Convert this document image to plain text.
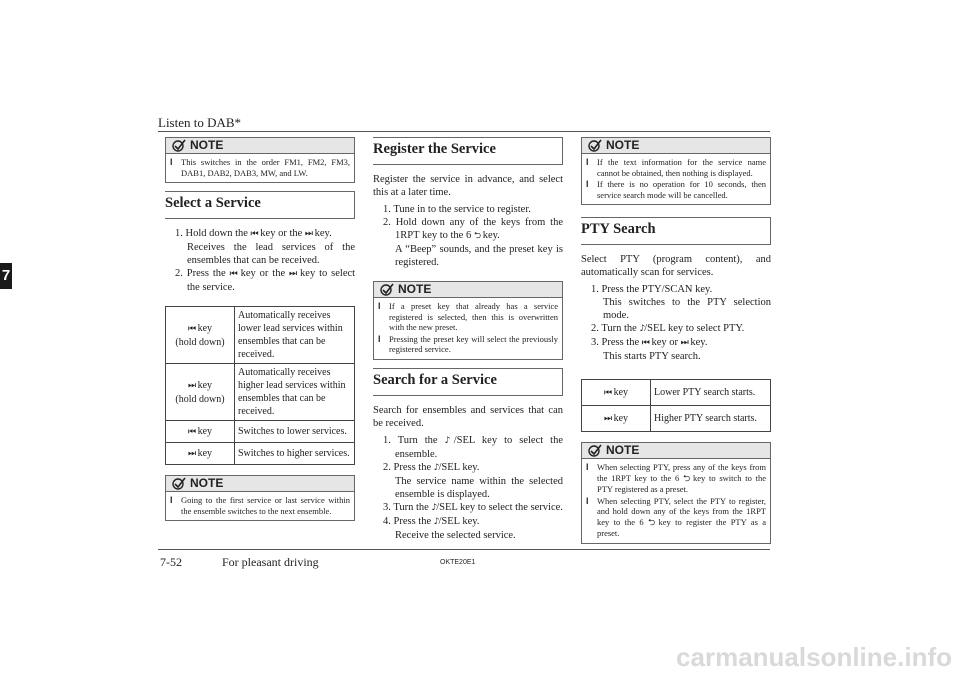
Listen to DAB*
7
NOTE
l This switches in the order FM1, FM2, FM3, DAB1, DAB2, DAB3, MW, and LW.
Select a Service
1. Hold down the ⏮ key or the ⏭ key.
Receives the lead services of the ensembles that can be received.
2. Press the ⏮ key or the ⏭ key to select the service.
⏮ key
(hold down)	Automatically receives lower lead services within ensembles that can be received.
⏭ key
(hold down)	Automatically receives higher lead services within ensembles that can be received.
⏮ key	Switches to lower services.
⏭ key	Switches to higher services.
NOTE
l Going to the first service or last service within the ensemble switches to the next ensemble.
Register the Service

Register the service in advance, and select this at a later time.

1. Tune in to the service to register.
2. Hold down any of the keys from the 1RPT key to the 6 ⮌ key.
A “Beep” sounds, and the preset key is registered.
NOTE
l If a preset key that already has a service registered is selected, then this is overwritten with the new preset.
l Pressing the preset key will select the previously registered service.
Search for a Service

Search for ensembles and services that can be received.

1. Turn the ♪/SEL key to select the ensemble.
2. Press the ♪/SEL key.
The service name within the selected ensemble is displayed.
3. Turn the ♪/SEL key to select the service.
4. Press the ♪/SEL key.
Receive the selected service.
NOTE
l If the text information for the service name cannot be obtained, then nothing is displayed.
l If there is no operation for 10 seconds, then service search mode will be cancelled.
PTY Search

Select PTY (program content), and automatically scan for services.

1. Press the PTY/SCAN key.
This switches to the PTY selection mode.
2. Turn the ♪/SEL key to select PTY.
3. Press the ⏮ key or ⏭ key.
This starts PTY search.
⏮ key	Lower PTY search starts.
⏭ key	Higher PTY search starts.
NOTE
l When selecting PTY, press any of the keys from the 1RPT key to the 6 ⮌ key to switch to the PTY registered as a preset.
l When selecting PTY, select the PTY to register, and hold down any of the keys from the 1RPT key to the 6 ⮌ key to register the PTY as a preset.
7-52	For pleasant driving	OKTE20E1
carmanualsonline.info
